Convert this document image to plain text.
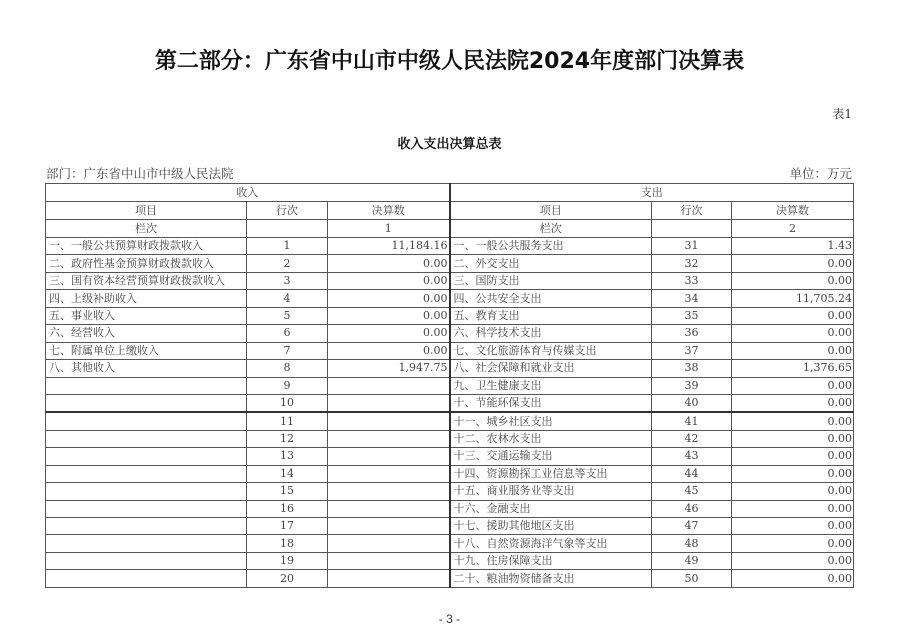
第二部分：广东省中山市中级人民法院2024年度部门决算表
表1
收入支出决算总表
部门：广东省中山市中级人民法院	单位：万元
收入			支出		
项目	行次	决算数	项目	行次	决算数
栏次		1	栏次		2
一、一般公共预算财政拨款收入	1	11,184.16	一、一般公共服务支出	31	1.43
二、政府性基金预算财政拨款收入	2	0.00	二、外交支出	32	0.00
三、国有资本经营预算财政拨款收入	3	0.00	三、国防支出	33	0.00
四、上级补助收入	4	0.00	四、公共安全支出	34	11,705.24
五、事业收入	5	0.00	五、教育支出	35	0.00
六、经营收入	6	0.00	六、科学技术支出	36	0.00
七、附属单位上缴收入	7	0.00	七、文化旅游体育与传媒支出	37	0.00
八、其他收入	8	1,947.75	八、社会保障和就业支出	38	1,376.65
	9		九、卫生健康支出	39	0.00
	10		十、节能环保支出	40	0.00
	11		十一、城乡社区支出	41	0.00
	12		十二、农林水支出	42	0.00
	13		十三、交通运输支出	43	0.00
	14		十四、资源勘探工业信息等支出	44	0.00
	15		十五、商业服务业等支出	45	0.00
	16		十六、金融支出	46	0.00
	17		十七、援助其他地区支出	47	0.00
	18		十八、自然资源海洋气象等支出	48	0.00
	19		十九、住房保障支出	49	0.00
	20		二十、粮油物资储备支出	50	0.00
- 3 -
